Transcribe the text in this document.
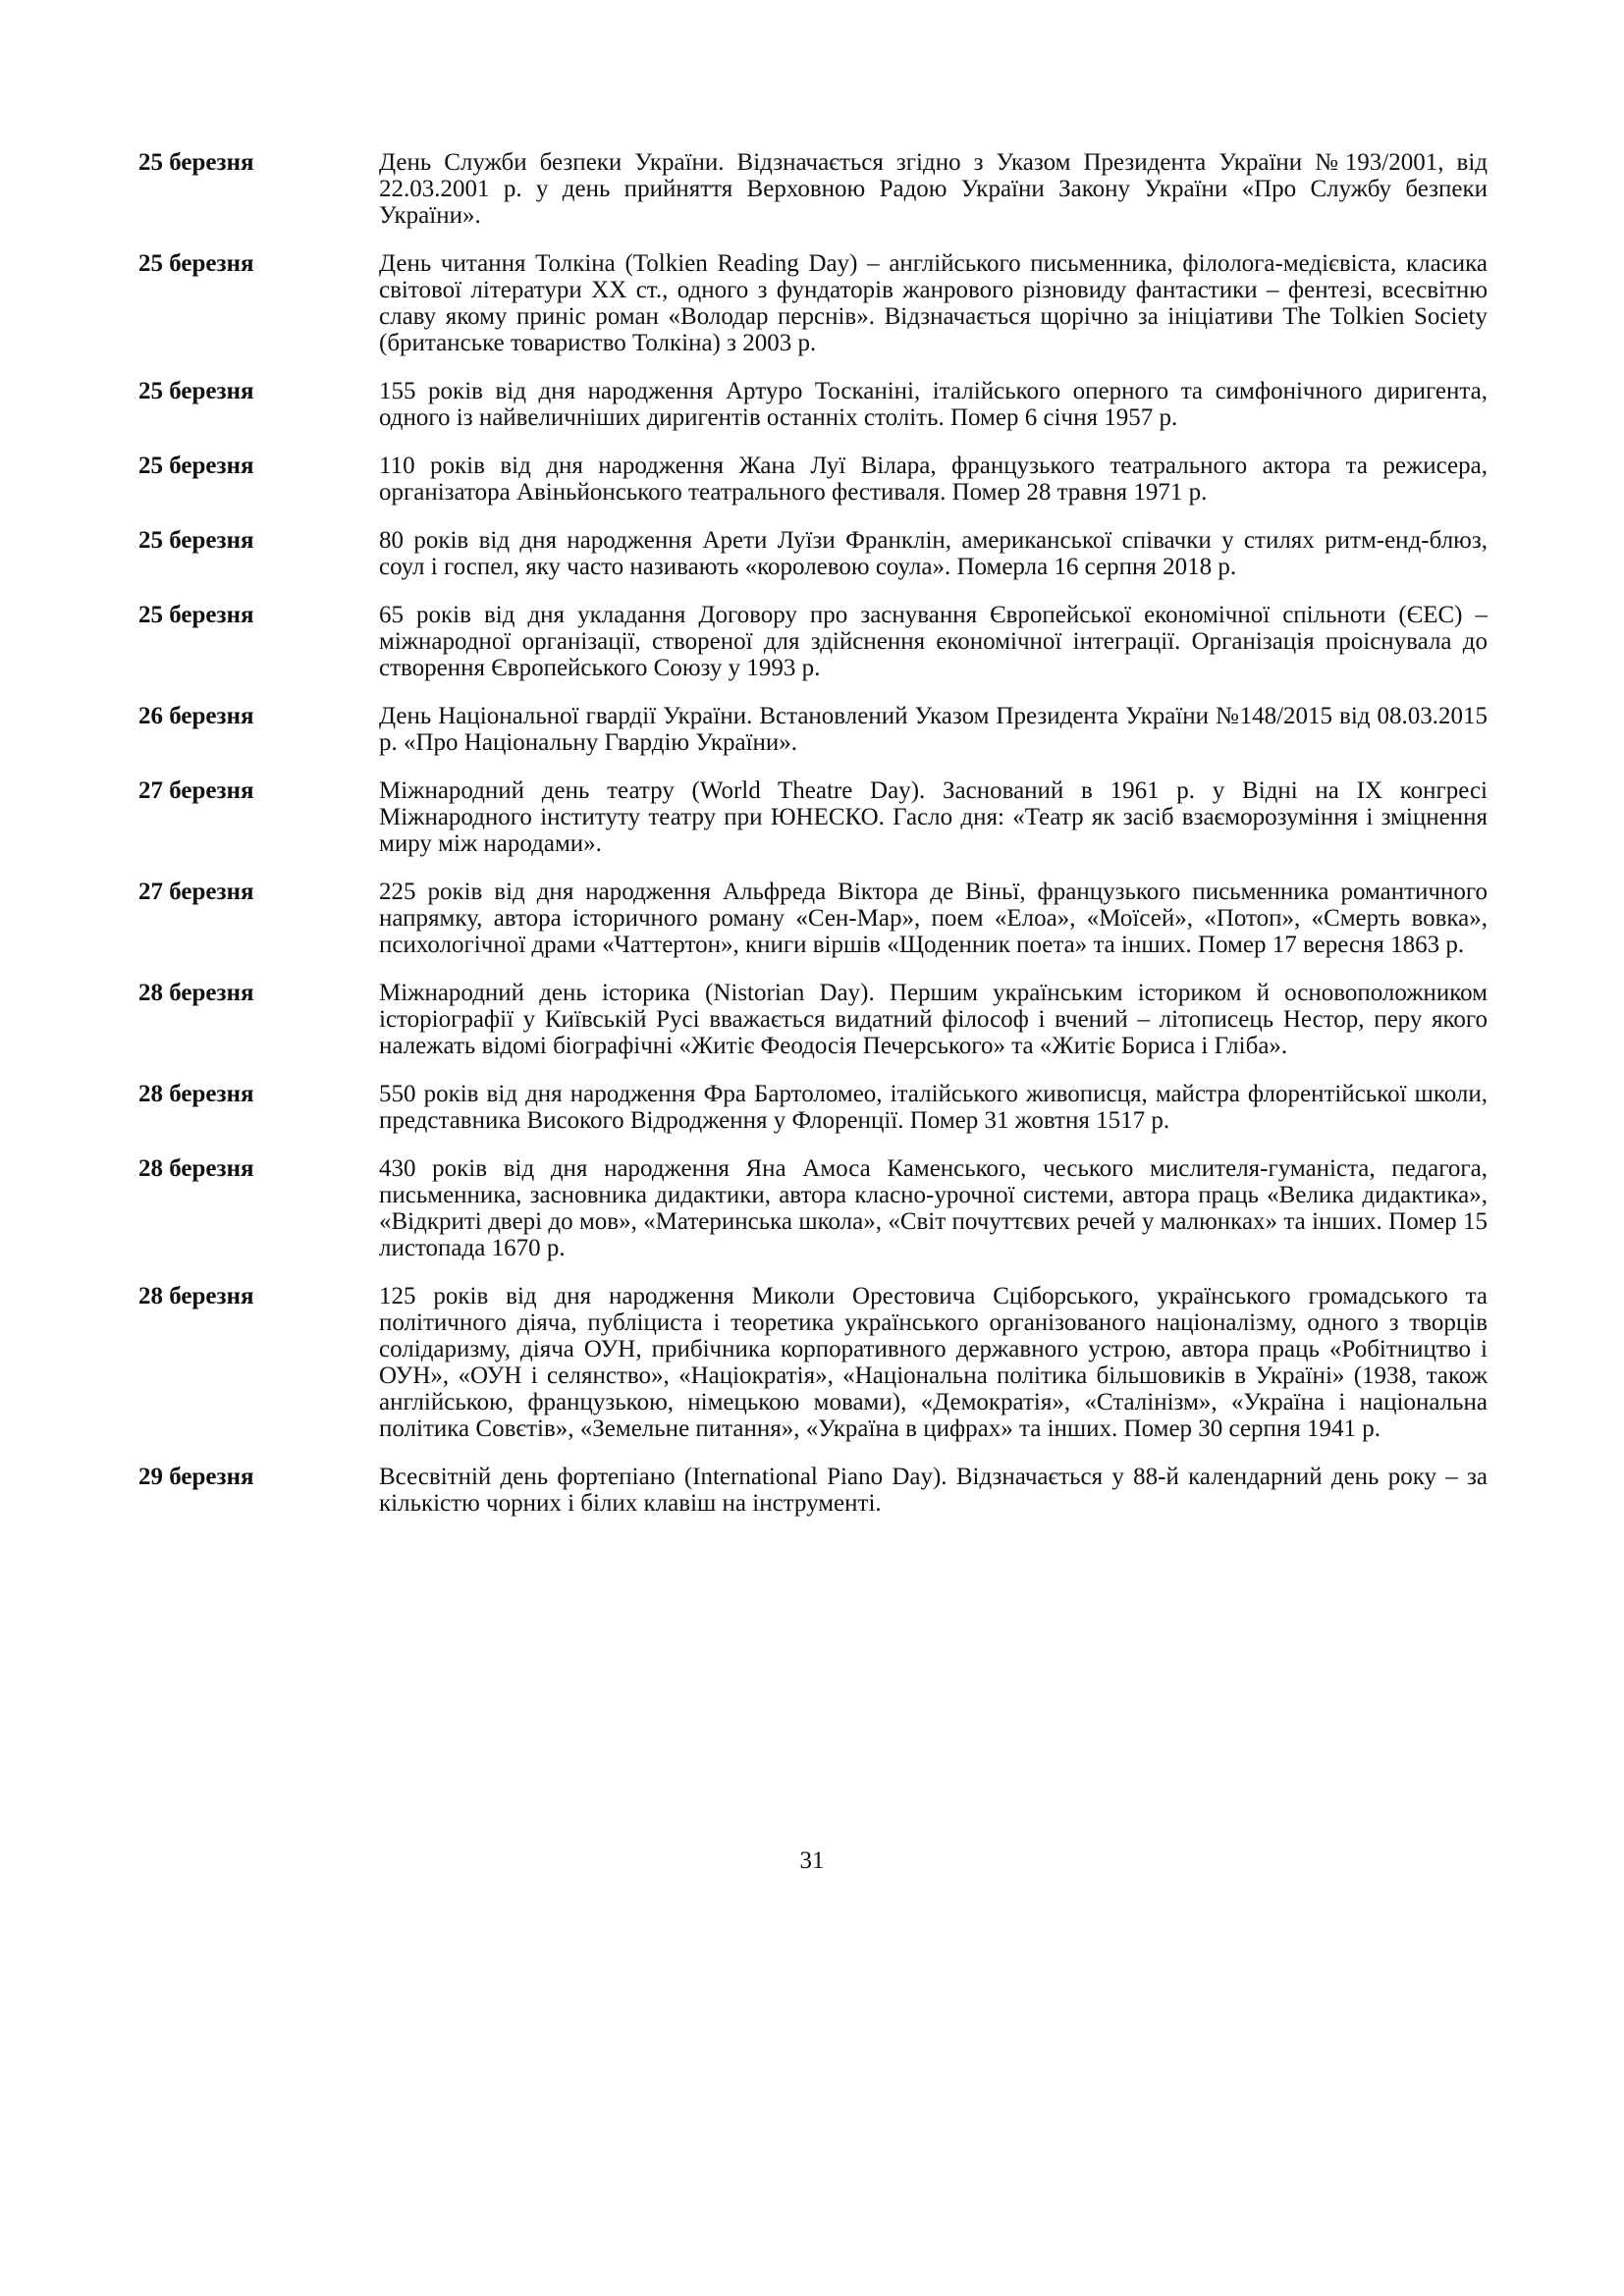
25 березня	День Служби безпеки України. Відзначається згідно з Указом Президента України №193/2001, від 22.03.2001 р. у день прийняття Верховною Радою України Закону України «Про Службу безпеки України».
25 березня	День читання Толкіна (Tolkien Reading Day) – англійського письменника, філолога-медієвіста, класика світової літератури ХХ ст., одного з фундаторів жанрового різновиду фантастики – фентезі, всесвітню славу якому приніс роман «Володар перснів». Відзначається щорічно за ініціативи The Tolkien Society (британське товариство Толкіна) з 2003 р.
25 березня	155 років від дня народження Артуро Тосканіні, італійського оперного та симфонічного диригента, одного із найвеличніших диригентів останніх століть. Помер 6 січня 1957 р.
25 березня	110 років від дня народження Жана Луї Вілара, французького театрального актора та режисера, організатора Авіньйонського театрального фестиваля. Помер 28 травня 1971 р.
25 березня	80 років від дня народження Арети Луїзи Франклін, американської співачки у стилях ритм-енд-блюз, соул і госпел, яку часто називають «королевою соула». Померла 16 серпня 2018 р.
25 березня	65 років від дня укладання Договору про заснування Європейської економічної спільноти (ЄЕС) – міжнародної організації, створеної для здійснення економічної інтеграції. Організація проіснувала до створення Європейського Союзу у 1993 р.
26 березня	День Національної гвардії України. Встановлений Указом Президента України №148/2015 від 08.03.2015 р. «Про Національну Гвардію України».
27 березня	Міжнародний день театру (World Theatre Day). Заснований в 1961 р. у Відні на IX конгресі Міжнародного інституту театру при ЮНЕСКО. Гасло дня: «Театр як засіб взаєморозуміння і зміцнення миру між народами».
27 березня	225 років від дня народження Альфреда Віктора де Віньї, французького письменника романтичного напрямку, автора історичного роману «Сен-Мар», поем «Елоа», «Моїсей», «Потоп», «Смерть вовка», психологічної драми «Чаттертон», книги віршів «Щоденник поета» та інших. Помер 17 вересня 1863 р.
28 березня	Міжнародний день історика (Nistorian Day). Першим українським істориком й основоположником історіографії у Київській Русі вважається видатний філософ і вчений – літописець Нестор, перу якого належать відомі біографічні «Житіє Феодосія Печерського» та «Житіє Бориса і Гліба».
28 березня	550 років від дня народження Фра Бартоломео, італійського живописця, майстра флорентійської школи, представника Високого Відродження у Флоренції. Помер 31 жовтня 1517 р.
28 березня	430 років від дня народження Яна Амоса Каменського, чеського мислителя-гуманіста, педагога, письменника, засновника дидактики, автора класно-урочної системи, автора праць «Велика дидактика», «Відкриті двері до мов», «Материнська школа», «Світ почуттєвих речей у малюнках» та інших. Помер 15 листопада 1670 р.
28 березня	125 років від дня народження Миколи Орестовича Сціборського, українського громадського та політичного діяча, публіциста і теоретика українського організованого націоналізму, одного з творців солідаризму, діяча ОУН, прибічника корпоративного державного устрою, автора праць «Робітництво і ОУН», «ОУН і селянство», «Націократія», «Національна політика більшовиків в Україні» (1938, також англійською, французькою, німецькою мовами), «Демократія», «Сталінізм», «Україна і національна політика Совєтів», «Земельне питання», «Україна в цифрах» та інших. Помер 30 серпня 1941 р.
29 березня	Всесвітній день фортепіано (International Piano Day). Відзначається у 88-й календарний день року – за кількістю чорних і білих клавіш на інструменті.
31
